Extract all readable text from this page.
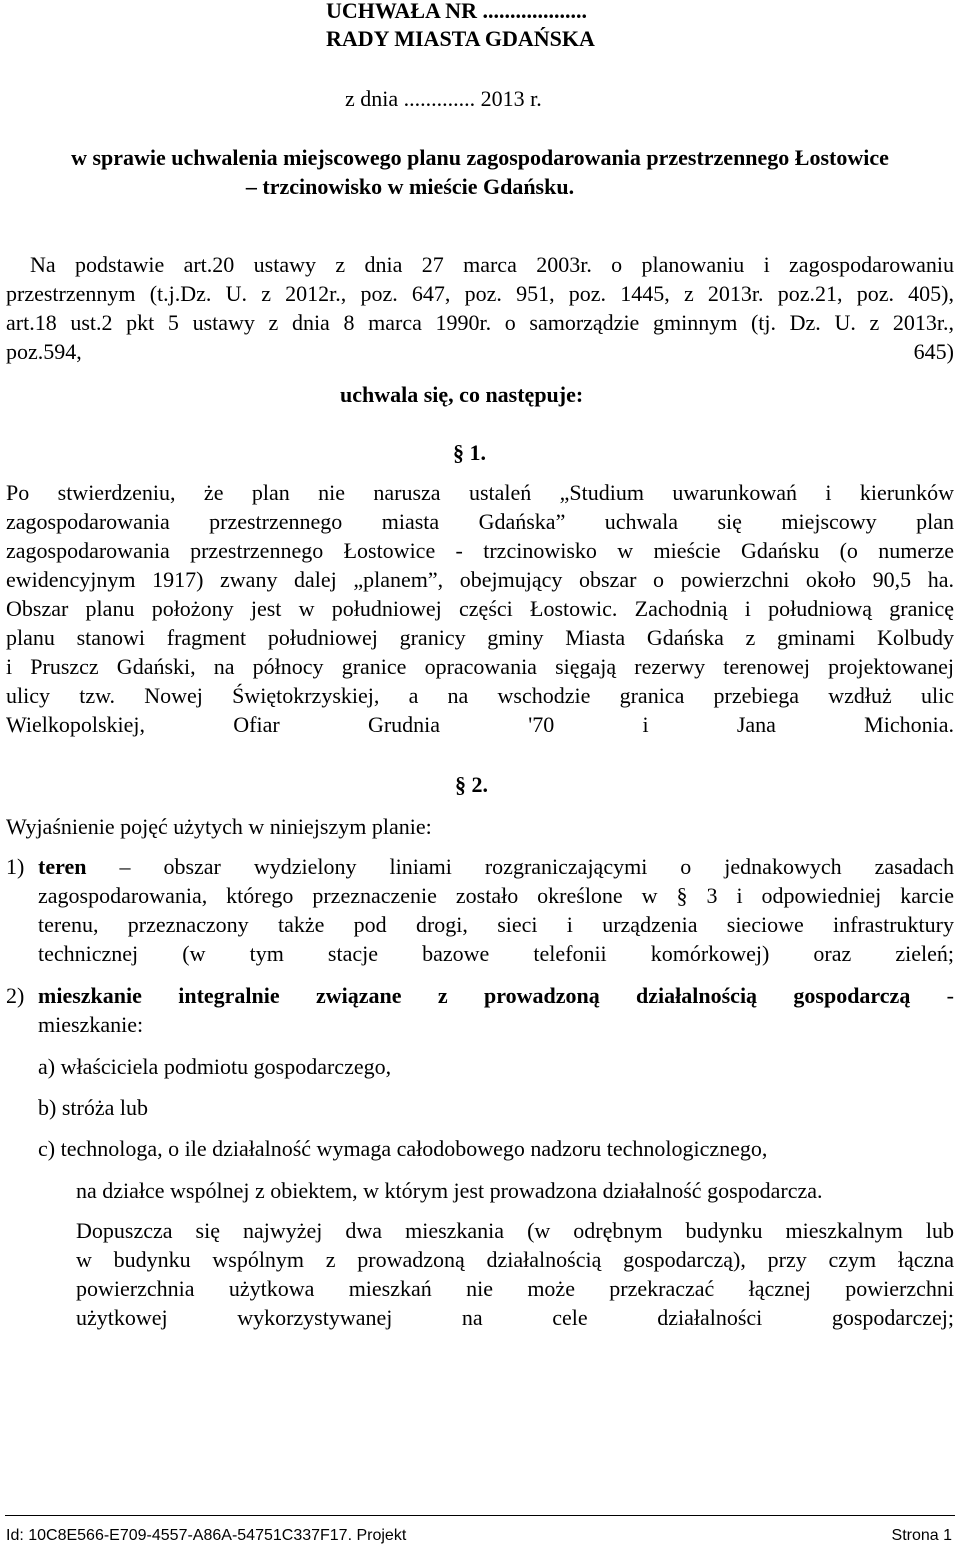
UCHWAŁA NR ...................
RADY MIASTA GDAŃSKA
z dnia ............. 2013 r.
w sprawie uchwalenia miejscowego planu zagospodarowania przestrzennego Łostowice
– trzcinowisko w mieście Gdańsku.
Na podstawie art.20 ustawy z dnia 27 marca 2003r. o planowaniu i zagospodarowaniu
przestrzennym (t.j.Dz. U. z 2012r., poz. 647, poz. 951, poz. 1445, z 2013r. poz.21, poz. 405),
art.18 ust.2 pkt 5 ustawy z dnia 8 marca 1990r. o samorządzie gminnym (tj. Dz. U. z 2013r.,
poz.594, 645)
uchwala się, co następuje:
§ 1.
Po stwierdzeniu, że plan nie narusza ustaleń „Studium uwarunkowań i kierunków
zagospodarowania przestrzennego miasta Gdańska” uchwala się miejscowy plan
zagospodarowania przestrzennego Łostowice - trzcinowisko w mieście Gdańsku (o numerze
ewidencyjnym 1917) zwany dalej „planem”, obejmujący obszar o powierzchni około 90,5 ha.
Obszar planu położony jest w południowej części Łostowic. Zachodnią i południową granicę
planu stanowi fragment południowej granicy gminy Miasta Gdańska z gminami Kolbudy
i Pruszcz Gdański, na północy granice opracowania sięgają rezerwy terenowej projektowanej
ulicy tzw. Nowej Świętokrzyskiej, a na wschodzie granica przebiega wzdłuż ulic
Wielkopolskiej, Ofiar Grudnia '70 i Jana Michonia.
§ 2.
Wyjaśnienie pojęć użytych w niniejszym planie:
1) teren – obszar wydzielony liniami rozgraniczającymi o jednakowych zasadach
zagospodarowania, którego przeznaczenie zostało określone w § 3 i odpowiedniej karcie
terenu, przeznaczony także pod drogi, sieci i urządzenia sieciowe infrastruktury
technicznej (w tym stacje bazowe telefonii komórkowej) oraz zieleń;
2) mieszkanie integralnie związane z prowadzoną działalnością gospodarczą -
mieszkanie:
a) właściciela podmiotu gospodarczego,
b) stróża lub
c) technologa, o ile działalność wymaga całodobowego nadzoru technologicznego,
na działce wspólnej z obiektem, w którym jest prowadzona działalność gospodarcza.
Dopuszcza się najwyżej dwa mieszkania (w odrębnym budynku mieszkalnym lub
w budynku wspólnym z prowadzoną działalnością gospodarczą), przy czym łączna
powierzchnia użytkowa mieszkań nie może przekraczać łącznej powierzchni
użytkowej wykorzystywanej na cele działalności gospodarczej;
Id: 10C8E566-E709-4557-A86A-54751C337F17. Projekt	Strona 1
